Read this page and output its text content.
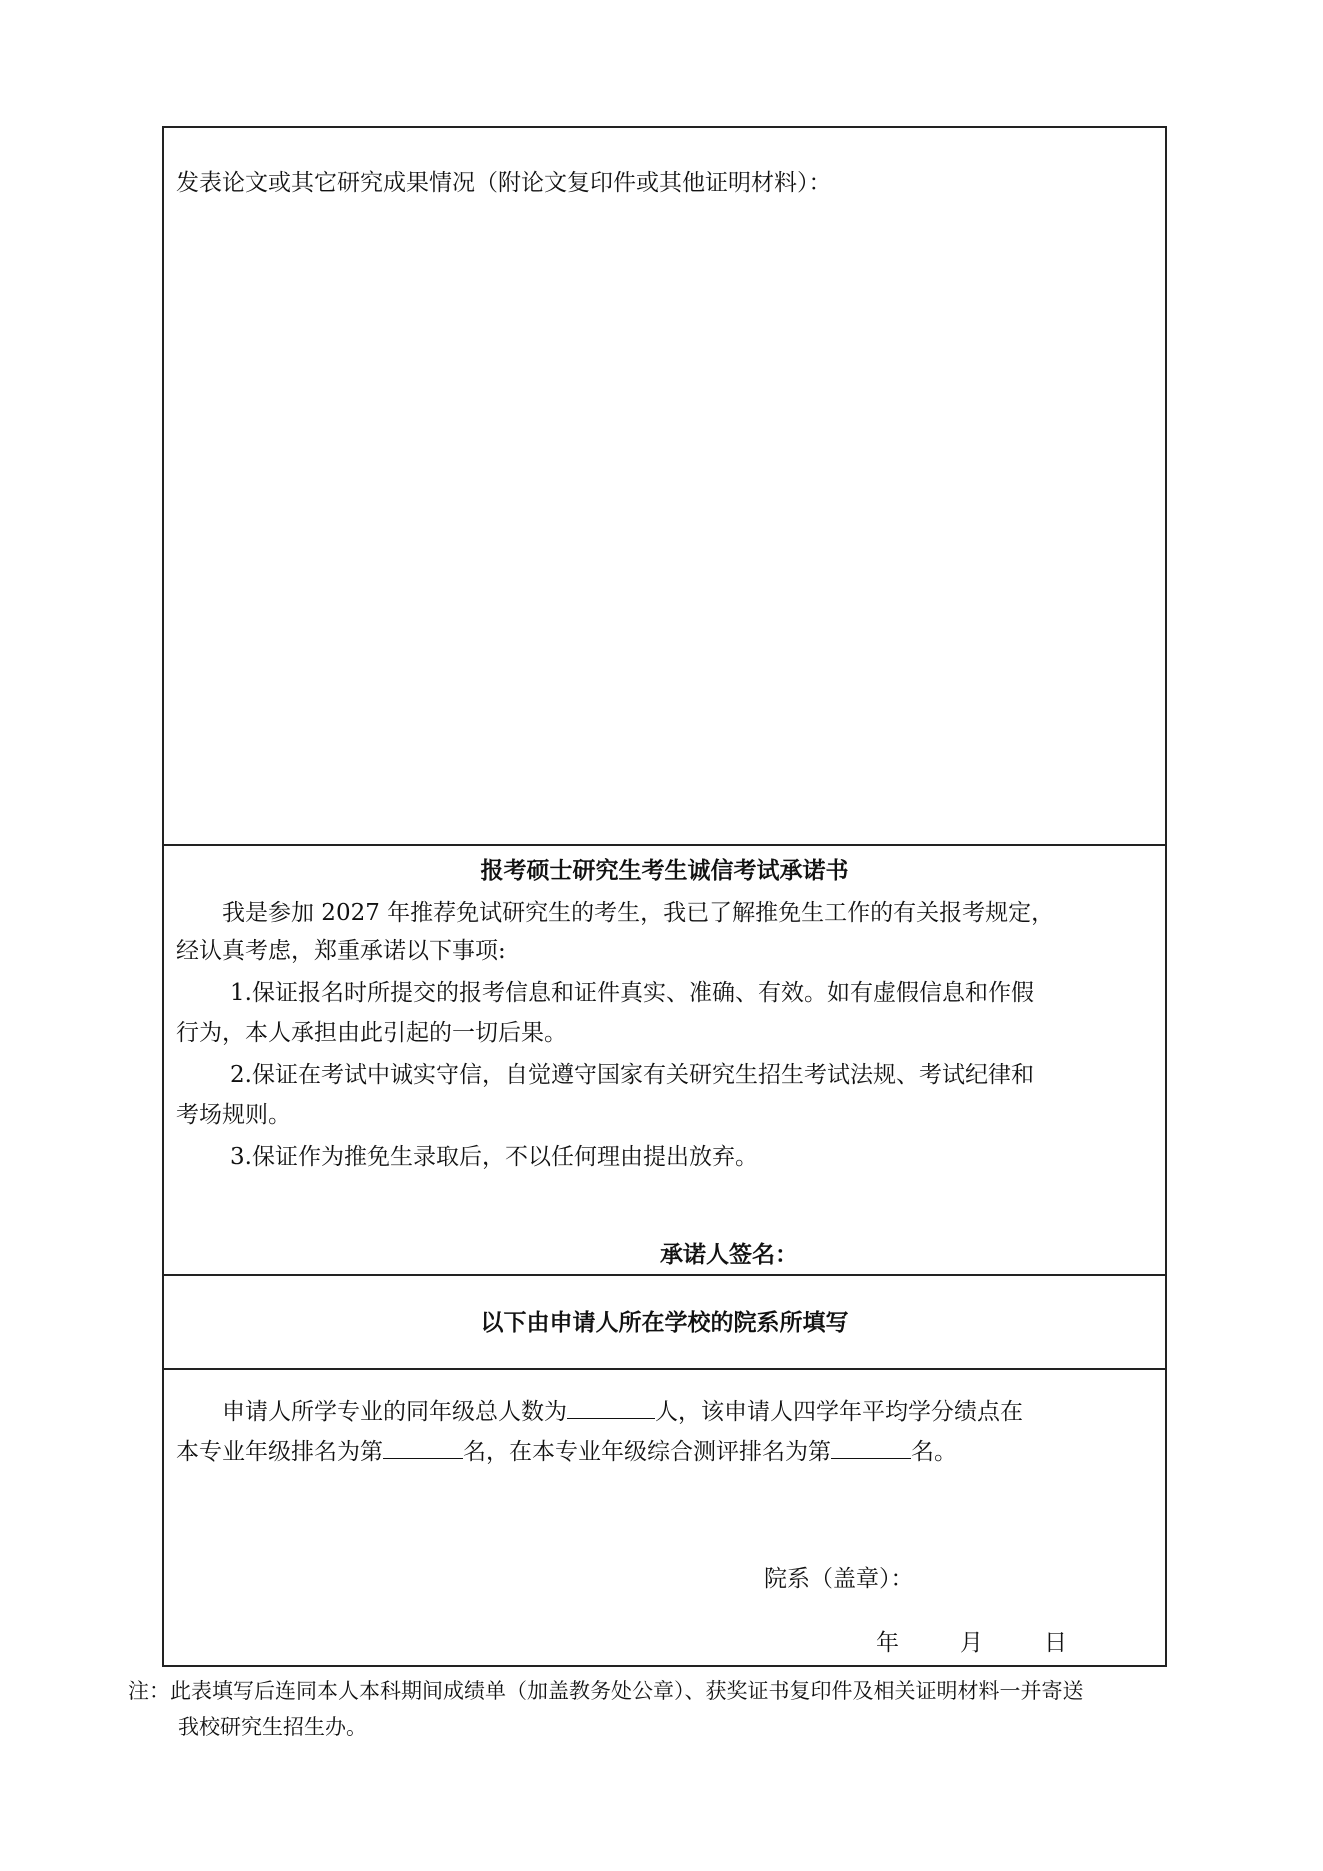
发表论文或其它研究成果情况（附论文复印件或其他证明材料）：
报考硕士研究生考生诚信考试承诺书
我是参加 2027 年推荐免试研究生的考生，我已了解推免生工作的有关报考规定，
经认真考虑，郑重承诺以下事项:
1.保证报名时所提交的报考信息和证件真实、准确、有效。如有虚假信息和作假
行为，本人承担由此引起的一切后果。
2.保证在考试中诚实守信，自觉遵守国家有关研究生招生考试法规、考试纪律和
考场规则。
3.保证作为推免生录取后，不以任何理由提出放弃。
承诺人签名：
以下由申请人所在学校的院系所填写
申请人所学专业的同年级总人数为	人，该申请人四学年平均学分绩点在
本专业年级排名为第	名，在本专业年级综合测评排名为第	名。
院系（盖章）：
年	月	日
注：此表填写后连同本人本科期间成绩单（加盖教务处公章）、获奖证书复印件及相关证明材料一并寄送
我校研究生招生办。
